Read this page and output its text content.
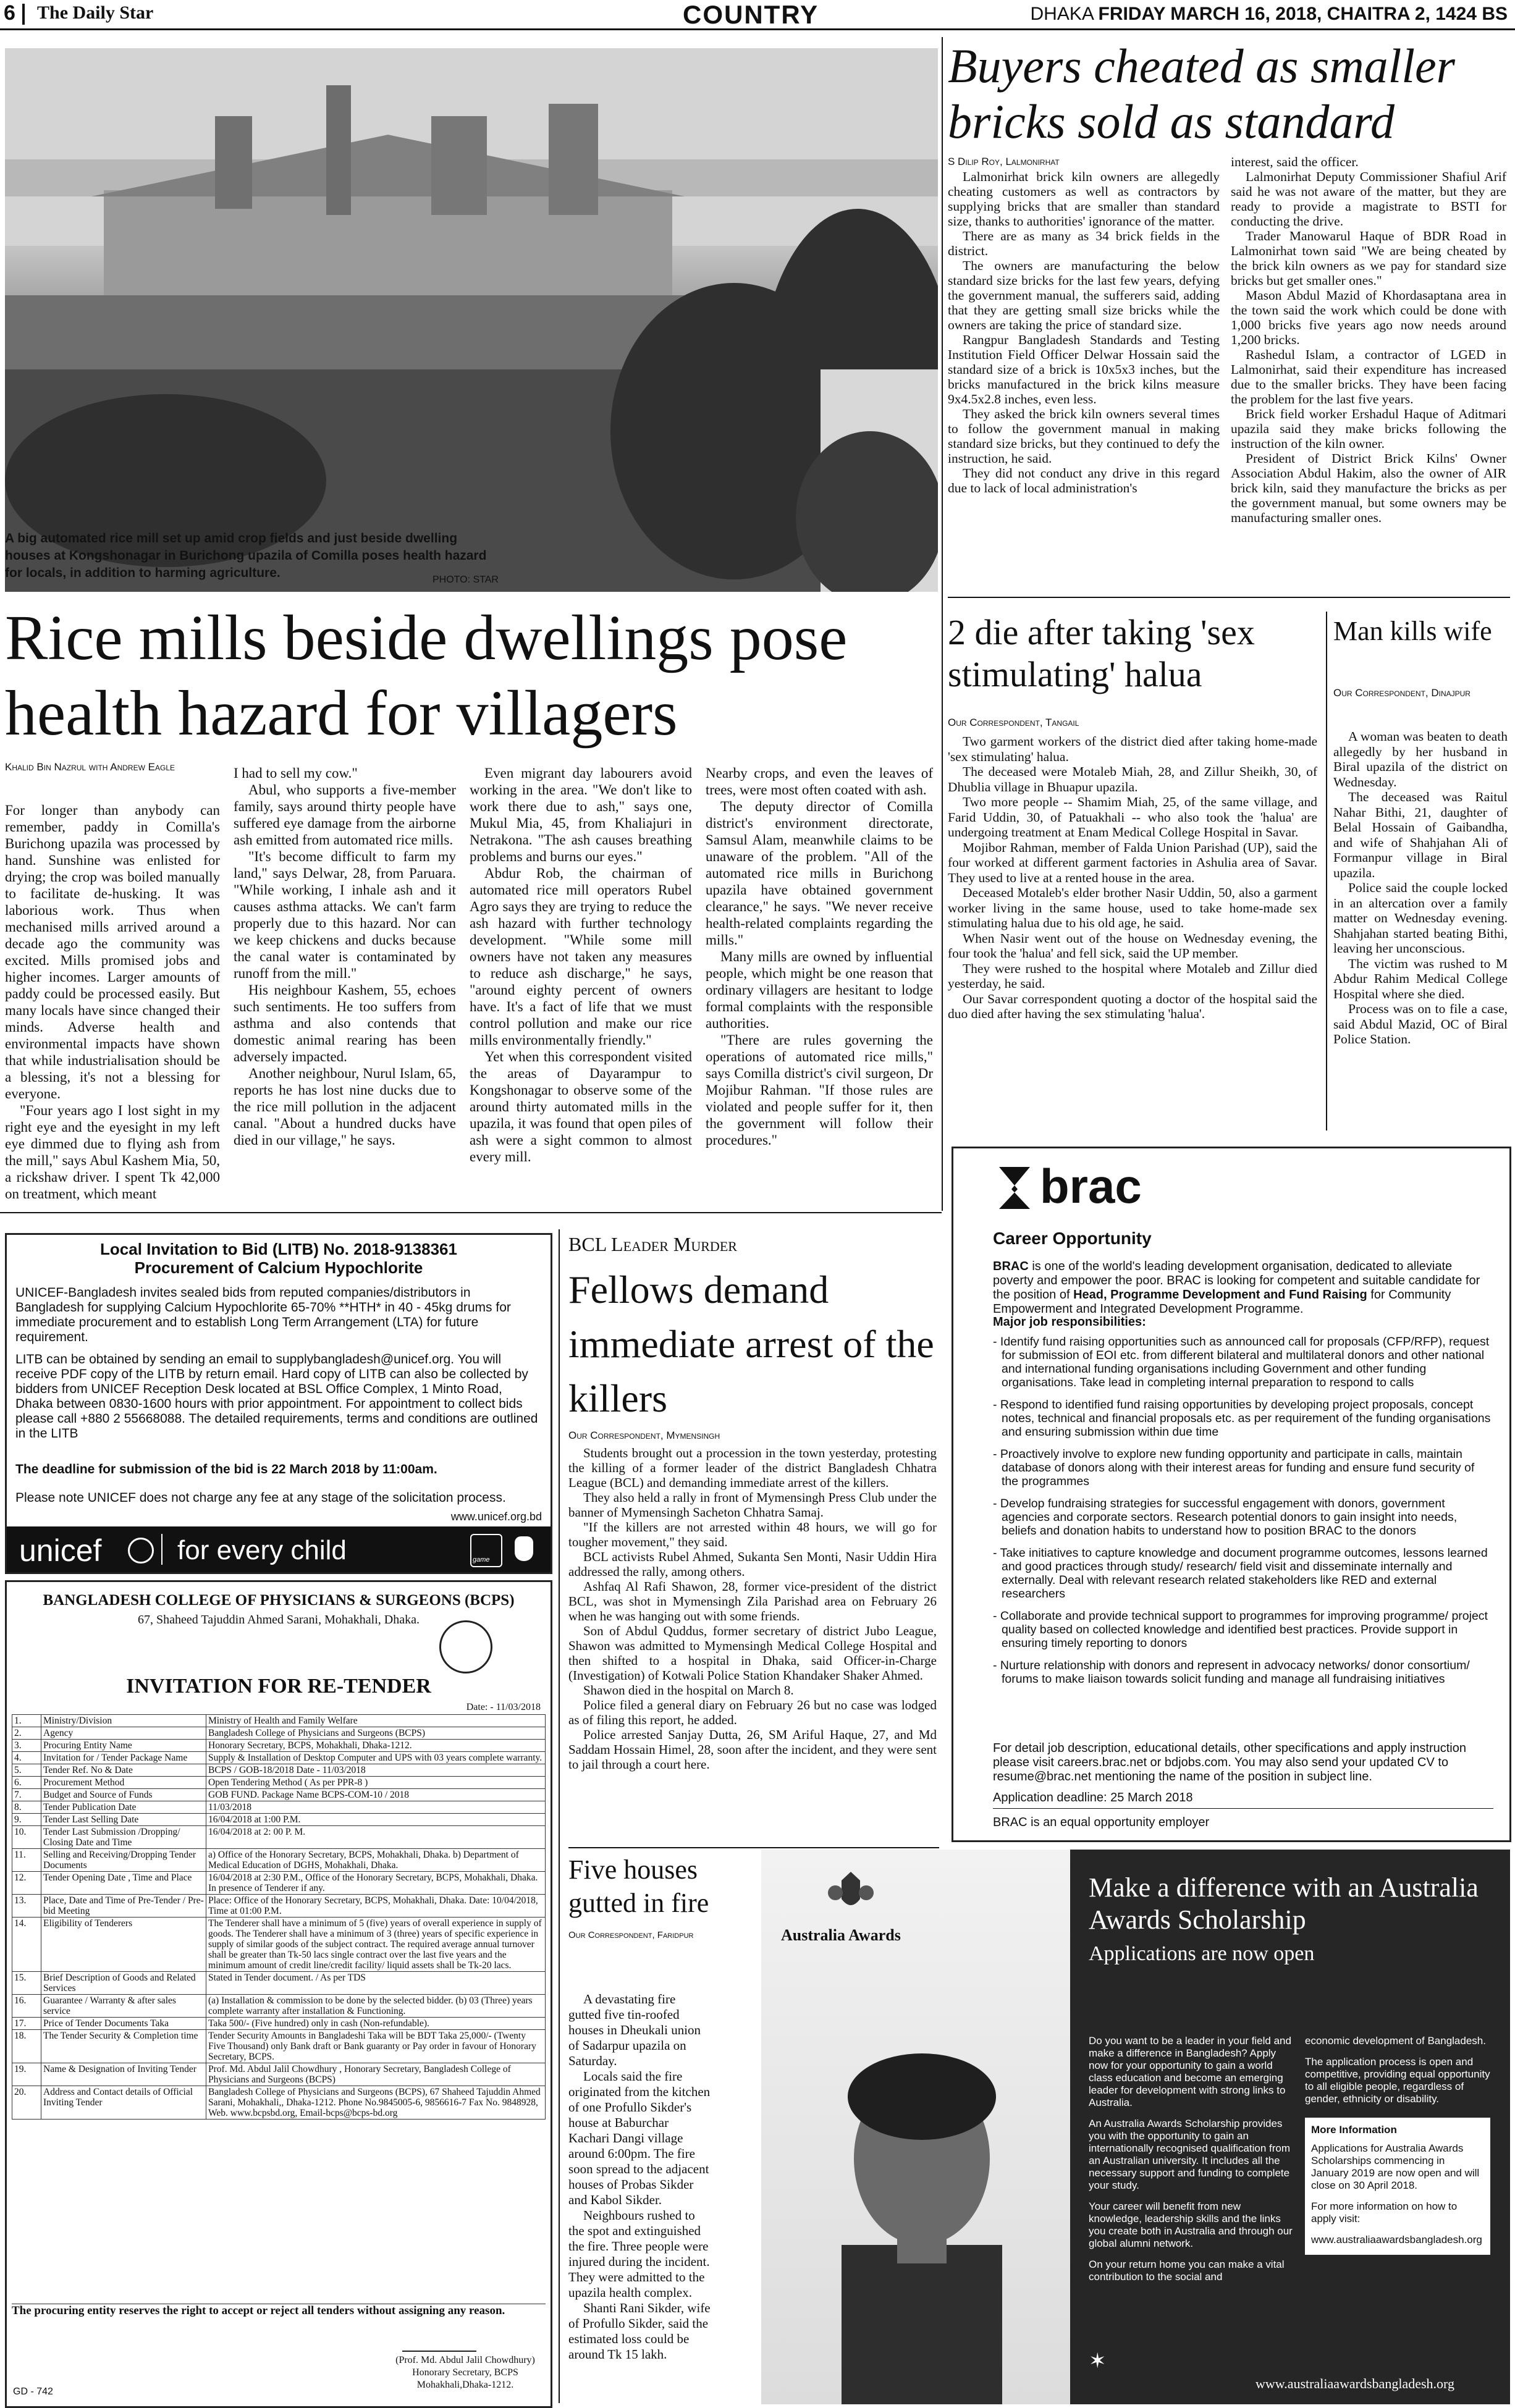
6 The Daily Star	COUNTRY	DHAKA FRIDAY MARCH 16, 2018, CHAITRA 2, 1424 BS
A big automated rice mill set up amid crop fields and just beside dwelling houses at Kongshonagar in Burichong upazila of Comilla poses health hazard for locals, in addition to harming agriculture.	PHOTO: STAR
Buyers cheated as smaller bricks sold as standard
S Dilip Roy, Lalmonirhat

Lalmonirhat brick kiln owners are allegedly cheating customers as well as contractors by supplying bricks that are smaller than standard size, thanks to authorities' ignorance of the matter.

There are as many as 34 brick fields in the district.

The owners are manufacturing the below standard size bricks for the last few years, defying the government manual, the sufferers said, adding that they are getting small size bricks while the owners are taking the price of standard size.

Rangpur Bangladesh Standards and Testing Institution Field Officer Delwar Hossain said the standard size of a brick is 10x5x3 inches, but the bricks manufactured in the brick kilns measure 9x4.5x2.8 inches, even less.

They asked the brick kiln owners several times to follow the government manual in making standard size bricks, but they continued to defy the instruction, he said.

They did not conduct any drive in this regard due to lack of local administration's

interest, said the officer.

Lalmonirhat Deputy Commissioner Shafiul Arif said he was not aware of the matter, but they are ready to provide a magistrate to BSTI for conducting the drive.

Trader Manowarul Haque of BDR Road in Lalmonirhat town said "We are being cheated by the brick kiln owners as we pay for standard size bricks but get smaller ones."

Mason Abdul Mazid of Khordasaptana area in the town said the work which could be done with 1,000 bricks five years ago now needs around 1,200 bricks.

Rashedul Islam, a contractor of LGED in Lalmonirhat, said their expenditure has increased due to the smaller bricks. They have been facing the problem for the last five years.

Brick field worker Ershadul Haque of Aditmari upazila said they make bricks following the instruction of the kiln owner.

President of District Brick Kilns' Owner Association Abdul Hakim, also the owner of AIR brick kiln, said they manufacture the bricks as per the government manual, but some owners may be manufacturing smaller ones.

Rice mills beside dwellings pose health hazard for villagers
Khalid Bin Nazrul with Andrew Eagle

For longer than anybody can remember, paddy in Comilla's Burichong upazila was processed by hand. Sunshine was enlisted for drying; the crop was boiled manually to facilitate de-husking. It was laborious work. Thus when mechanised mills arrived around a decade ago the community was excited. Mills promised jobs and higher incomes. Larger amounts of paddy could be processed easily. But many locals have since changed their minds. Adverse health and environmental impacts have shown that while industrialisation should be a blessing, it's not a blessing for everyone.

"Four years ago I lost sight in my right eye and the eyesight in my left eye dimmed due to flying ash from the mill," says Abul Kashem Mia, 50, a rickshaw driver. I spent Tk 42,000 on treatment, which meant

I had to sell my cow."

Abul, who supports a five-member family, says around thirty people have suffered eye damage from the airborne ash emitted from automated rice mills.

"It's become difficult to farm my land," says Delwar, 28, from Paruara. "While working, I inhale ash and it causes asthma attacks. We can't farm properly due to this hazard. Nor can we keep chickens and ducks because the canal water is contaminated by runoff from the mill."

His neighbour Kashem, 55, echoes such sentiments. He too suffers from asthma and also contends that domestic animal rearing has been adversely impacted.

Another neighbour, Nurul Islam, 65, reports he has lost nine ducks due to the rice mill pollution in the adjacent canal. "About a hundred ducks have died in our village," he says.

Even migrant day labourers avoid working in the area. "We don't like to work there due to ash," says one, Mukul Mia, 45, from Khaliajuri in Netrakona. "The ash causes breathing problems and burns our eyes."

Abdur Rob, the chairman of automated rice mill operators Rubel Agro says they are trying to reduce the ash hazard with further technology development. "While some mill owners have not taken any measures to reduce ash discharge," he says, "around eighty percent of owners have. It's a fact of life that we must control pollution and make our rice mills environmentally friendly."

Yet when this correspondent visited the areas of Dayarampur to Kongshonagar to observe some of the around thirty automated mills in the upazila, it was found that open piles of ash were a sight common to almost every mill.

Nearby crops, and even the leaves of trees, were most often coated with ash.

The deputy director of Comilla district's environment directorate, Samsul Alam, meanwhile claims to be unaware of the problem. "All of the automated rice mills in Burichong upazila have obtained government clearance," he says. "We never receive health-related complaints regarding the mills."

Many mills are owned by influential people, which might be one reason that ordinary villagers are hesitant to lodge formal complaints with the responsible authorities.

"There are rules governing the operations of automated rice mills," says Comilla district's civil surgeon, Dr Mojibur Rahman. "If those rules are violated and people suffer for it, then the government will follow their procedures."

2 die after taking 'sex stimulating' halua
Our Correspondent, Tangail

Two garment workers of the district died after taking home-made 'sex stimulating' halua.

The deceased were Motaleb Miah, 28, and Zillur Sheikh, 30, of Dhublia village in Bhuapur upazila.

Two more people -- Shamim Miah, 25, of the same village, and Farid Uddin, 30, of Patuakhali -- who also took the 'halua' are undergoing treatment at Enam Medical College Hospital in Savar.

Mojibor Rahman, member of Falda Union Parishad (UP), said the four worked at different garment factories in Ashulia area of Savar. They used to live at a rented house in the area.

Deceased Motaleb's elder brother Nasir Uddin, 50, also a garment worker living in the same house, used to take home-made sex stimulating halua due to his old age, he said.

When Nasir went out of the house on Wednesday evening, the four took the 'halua' and fell sick, said the UP member.

They were rushed to the hospital where Motaleb and Zillur died yesterday, he said.

Our Savar correspondent quoting a doctor of the hospital said the duo died after having the sex stimulating 'halua'.

Man kills wife
Our Correspondent, Dinajpur

A woman was beaten to death allegedly by her husband in Biral upazila of the district on Wednesday.

The deceased was Raitul Nahar Bithi, 21, daughter of Belal Hossain of Gaibandha, and wife of Shahjahan Ali of Formanpur village in Biral upazila.

Police said the couple locked in an altercation over a family matter on Wednesday evening. Shahjahan started beating Bithi, leaving her unconscious.

The victim was rushed to M Abdur Rahim Medical College Hospital where she died.

Process was on to file a case, said Abdul Mazid, OC of Biral Police Station.

Local Invitation to Bid (LITB) No. 2018-9138361
Procurement of Calcium Hypochlorite
UNICEF-Bangladesh invites sealed bids from reputed companies/distributors in Bangladesh for supplying Calcium Hypochlorite 65-70% **HTH* in 40 - 45kg drums for immediate procurement and to establish Long Term Arrangement (LTA) for future requirement.
LITB can be obtained by sending an email to supplybangladesh@unicef.org. You will receive PDF copy of the LITB by return email. Hard copy of LITB can also be collected by bidders from UNICEF Reception Desk located at BSL Office Complex, 1 Minto Road, Dhaka between 0830-1600 hours with prior appointment. For appointment to collect bids please call +880 2 55668088. The detailed requirements, terms and conditions are outlined in the LITB
The deadline for submission of the bid is 22 March 2018 by 11:00am.
Please note UNICEF does not charge any fee at any stage of the solicitation process.
www.unicef.org.bd
unicef	for every child	game
BANGLADESH COLLEGE OF PHYSICIANS & SURGEONS (BCPS)
67, Shaheed Tajuddin Ahmed Sarani, Mohakhali, Dhaka.
INVITATION FOR RE-TENDER
Date: - 11/03/2018
1.	Ministry/Division	Ministry of Health and Family Welfare
2.	Agency	Bangladesh College of Physicians and Surgeons (BCPS)
3.	Procuring Entity Name	Honorary Secretary, BCPS, Mohakhali, Dhaka-1212.
4.	Invitation for / Tender Package Name	Supply & Installation of Desktop Computer and UPS with 03 years complete warranty.
5.	Tender Ref. No & Date	BCPS / GOB-18/2018 Date - 11/03/2018
6.	Procurement Method	Open Tendering Method ( As per PPR-8 )
7.	Budget and Source of Funds	GOB FUND. Package Name BCPS-COM-10 / 2018
8.	Tender Publication Date	11/03/2018
9.	Tender Last Selling Date	16/04/2018 at 1:00 P.M.
10.	Tender Last Submission /Dropping/ Closing Date and Time	16/04/2018 at 2: 00 P. M.
11.	Selling and Receiving/Dropping Tender Documents	a) Office of the Honorary Secretary, BCPS, Mohakhali, Dhaka. b) Department of Medical Education of DGHS, Mohakhali, Dhaka.
12.	Tender Opening Date , Time and Place	16/04/2018 at 2:30 P.M., Office of the Honorary Secretary, BCPS, Mohakhali, Dhaka. In presence of Tenderer if any.
13.	Place, Date and Time of Pre-Tender / Pre- bid Meeting	Place: Office of the Honorary Secretary, BCPS, Mohakhali, Dhaka. Date: 10/04/2018, Time at 01:00 P.M.
14.	Eligibility of Tenderers	The Tenderer shall have a minimum of 5 (five) years of overall experience in supply of goods. The Tenderer shall have a minimum of 3 (three) years of specific experience in supply of similar goods of the subject contract. The required average annual turnover shall be greater than Tk-50 lacs single contract over the last five years and the minimum amount of credit line/credit facility/ liquid assets shall be Tk-20 lacs.
15.	Brief Description of Goods and Related Services	Stated in Tender document. / As per TDS
16.	Guarantee / Warranty & after sales service	(a) Installation & commission to be done by the selected bidder. (b) 03 (Three) years complete warranty after installation & Functioning.
17.	Price of Tender Documents Taka	Taka 500/- (Five hundred) only in cash (Non-refundable).
18.	The Tender Security & Completion time	Tender Security Amounts in Bangladeshi Taka will be BDT Taka 25,000/- (Twenty Five Thousand) only Bank draft or Bank guaranty or Pay order in favour of Honorary Secretary, BCPS.
19.	Name & Designation of Inviting Tender	Prof. Md. Abdul Jalil Chowdhury , Honorary Secretary, Bangladesh College of Physicians and Surgeons (BCPS)
20.	Address and Contact details of Official Inviting Tender	Bangladesh College of Physicians and Surgeons (BCPS), 67 Shaheed Tajuddin Ahmed Sarani, Mohakhali,, Dhaka-1212. Phone No.9845005-6, 9856616-7 Fax No. 9848928, Web. www.bcpsbd.org, Email-bcps@bcps-bd.org
The procuring entity reserves the right to accept or reject all tenders without assigning any reason.
(Prof. Md. Abdul Jalil Chowdhury)
Honorary Secretary, BCPS
Mohakhali,Dhaka-1212.
GD - 742
BCL Leader Murder
Fellows demand immediate arrest of the killers
Our Correspondent, Mymensingh

Students brought out a procession in the town yesterday, protesting the killing of a former leader of the district Bangladesh Chhatra League (BCL) and demanding immediate arrest of the killers.

They also held a rally in front of Mymensingh Press Club under the banner of Mymensingh Sacheton Chhatra Samaj.

"If the killers are not arrested within 48 hours, we will go for tougher movement," they said.

BCL activists Rubel Ahmed, Sukanta Sen Monti, Nasir Uddin Hira addressed the rally, among others.

Ashfaq Al Rafi Shawon, 28, former vice-president of the district BCL, was shot in Mymensingh Zila Parishad area on February 26 when he was hanging out with some friends.

Son of Abdul Quddus, former secretary of district Jubo League, Shawon was admitted to Mymensingh Medical College Hospital and then shifted to a hospital in Dhaka, said Officer-in-Charge (Investigation) of Kotwali Police Station Khandaker Shaker Ahmed.

Shawon died in the hospital on March 8.

Police filed a general diary on February 26 but no case was lodged as of filing this report, he added.

Police arrested Sanjay Dutta, 26, SM Ariful Haque, 27, and Md Saddam Hossain Himel, 28, soon after the incident, and they were sent to jail through a court here.

Five houses gutted in fire
Our Correspondent, Faridpur

A devastating fire gutted five tin-roofed houses in Dheukali union of Sadarpur upazila on Saturday.

Locals said the fire originated from the kitchen of one Profullo Sikder's house at Baburchar Kachari Dangi village around 6:00pm. The fire soon spread to the adjacent houses of Probas Sikder and Kabol Sikder.

Neighbours rushed to the spot and extinguished the fire. Three people were injured during the incident. They were admitted to the upazila health complex.

Shanti Rani Sikder, wife of Profullo Sikder, said the estimated loss could be around Tk 15 lakh.

brac
Career Opportunity
BRAC is one of the world's leading development organisation, dedicated to alleviate poverty and empower the poor. BRAC is looking for competent and suitable candidate for the position of Head, Programme Development and Fund Raising for Community Empowerment and Integrated Development Programme.
Major job responsibilities:
- Identify fund raising opportunities such as announced call for proposals (CFP/RFP), request for submission of EOI etc. from different bilateral and multilateral donors and other national and international funding organisations including Government and other funding organisations. Take lead in completing internal preparation to respond to calls
- Respond to identified fund raising opportunities by developing project proposals, concept notes, technical and financial proposals etc. as per requirement of the funding organisations and ensuring submission within due time
- Proactively involve to explore new funding opportunity and participate in calls, maintain database of donors along with their interest areas for funding and ensure fund security of the programmes
- Develop fundraising strategies for successful engagement with donors, government agencies and corporate sectors. Research potential donors to gain insight into needs, beliefs and donation habits to understand how to position BRAC to the donors
- Take initiatives to capture knowledge and document programme outcomes, lessons learned and good practices through study/ research/ field visit and disseminate internally and externally. Deal with relevant research related stakeholders like RED and external researchers
- Collaborate and provide technical support to programmes for improving programme/ project quality based on collected knowledge and identified best practices. Provide support in ensuring timely reporting to donors
- Nurture relationship with donors and represent in advocacy networks/ donor consortium/ forums to make liaison towards solicit funding and manage all fundraising initiatives
For detail job description, educational details, other specifications and apply instruction please visit careers.brac.net or bdjobs.com. You may also send your updated CV to resume@brac.net mentioning the name of the position in subject line.
Application deadline: 25 March 2018
BRAC is an equal opportunity employer
Australia Awards
Make a difference with an Australia Awards Scholarship
Applications are now open

Do you want to be a leader in your field and make a difference in Bangladesh? Apply now for your opportunity to gain a world class education and become an emerging leader for development with strong links to Australia.

An Australia Awards Scholarship provides you with the opportunity to gain an internationally recognised qualification from an Australian university. It includes all the necessary support and funding to complete your study.

Your career will benefit from new knowledge, leadership skills and the links you create both in Australia and through our global alumni network.

On your return home you can make a vital contribution to the social and

economic development of Bangladesh.

The application process is open and competitive, providing equal opportunity to all eligible people, regardless of gender, ethnicity or disability.

More Information
Applications for Australia Awards Scholarships commencing in January 2019 are now open and will close on 30 April 2018.
For more information on how to apply visit:
www.australiaawardsbangladesh.org
✶
www.australiaawardsbangladesh.org
